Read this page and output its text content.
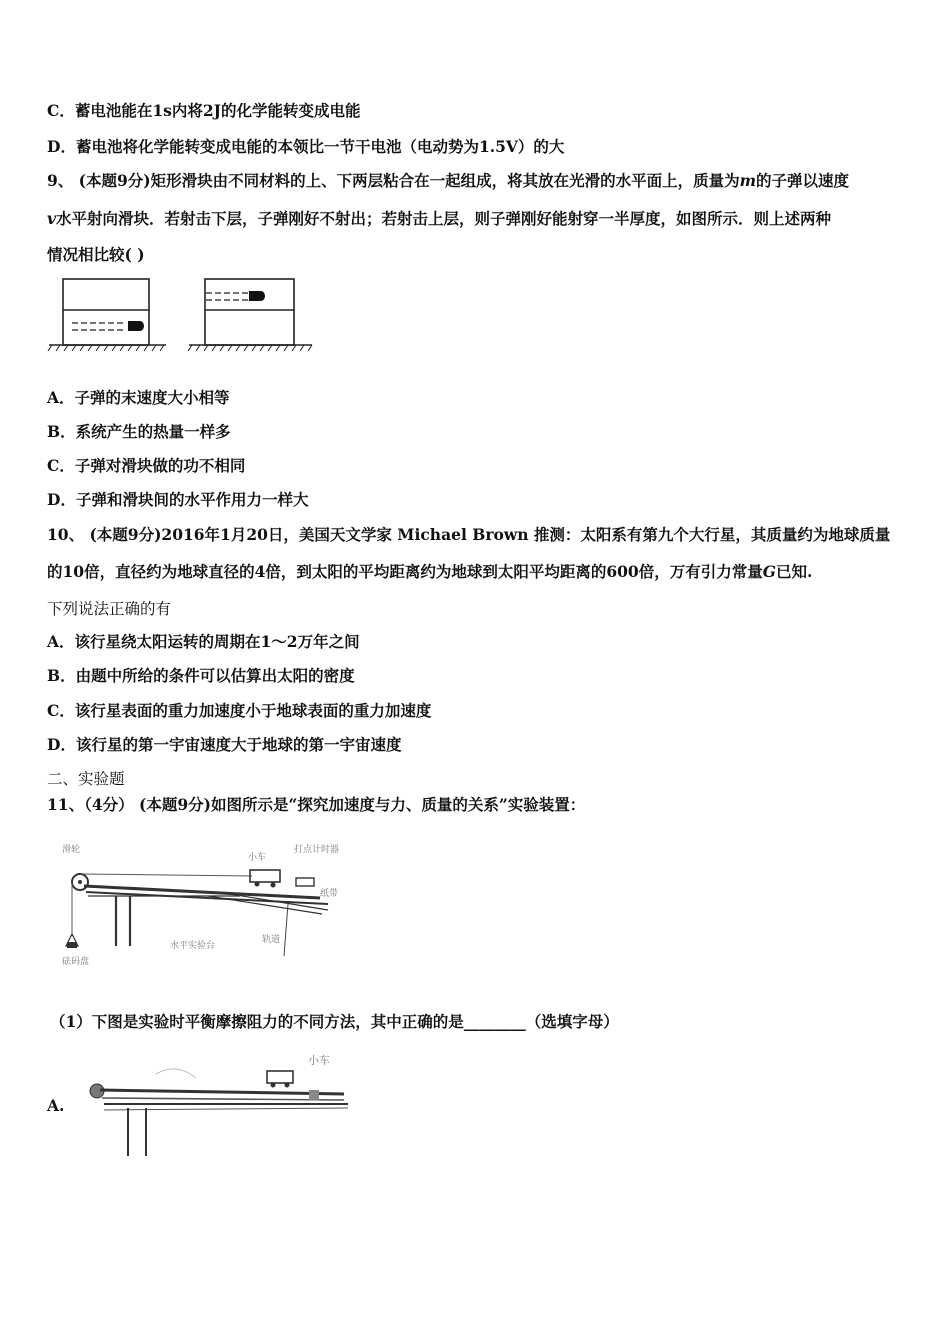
C．蓄电池能在1s内将2J的化学能转变成电能
D．蓄电池将化学能转变成电能的本领比一节干电池（电动势为1.5V）的大
9、 (本题9分)矩形滑块由不同材料的上、下两层粘合在一起组成，将其放在光滑的水平面上，质量为m的子弹以速度
v水平射向滑块．若射击下层，子弹刚好不射出；若射击上层，则子弹刚好能射穿一半厚度，如图所示．则上述两种
情况相比较( )
A．子弹的末速度大小相等
B．系统产生的热量一样多
C．子弹对滑块做的功不相同
D．子弹和滑块间的水平作用力一样大
10、 (本题9分)2016年1月20日，美国天文学家 Michael Brown 推测：太阳系有第九个大行星，其质量约为地球质量
的10倍，直径约为地球直径的4倍，到太阳的平均距离约为地球到太阳平均距离的600倍，万有引力常量G已知.
下列说法正确的有
A．该行星绕太阳运转的周期在1～2万年之间
B．由题中所给的条件可以估算出太阳的密度
C．该行星表面的重力加速度小于地球表面的重力加速度
D．该行星的第一宇宙速度大于地球的第一宇宙速度
二、实验题
11、（4分） (本题9分)如图所示是“探究加速度与力、质量的关系”实验装置：
滑轮
小车
打点计时器
纸带
轨道
水平实验台
砝码盘
（1）下图是实验时平衡摩擦阻力的不同方法，其中正确的是________（选填字母）
A.
小车
